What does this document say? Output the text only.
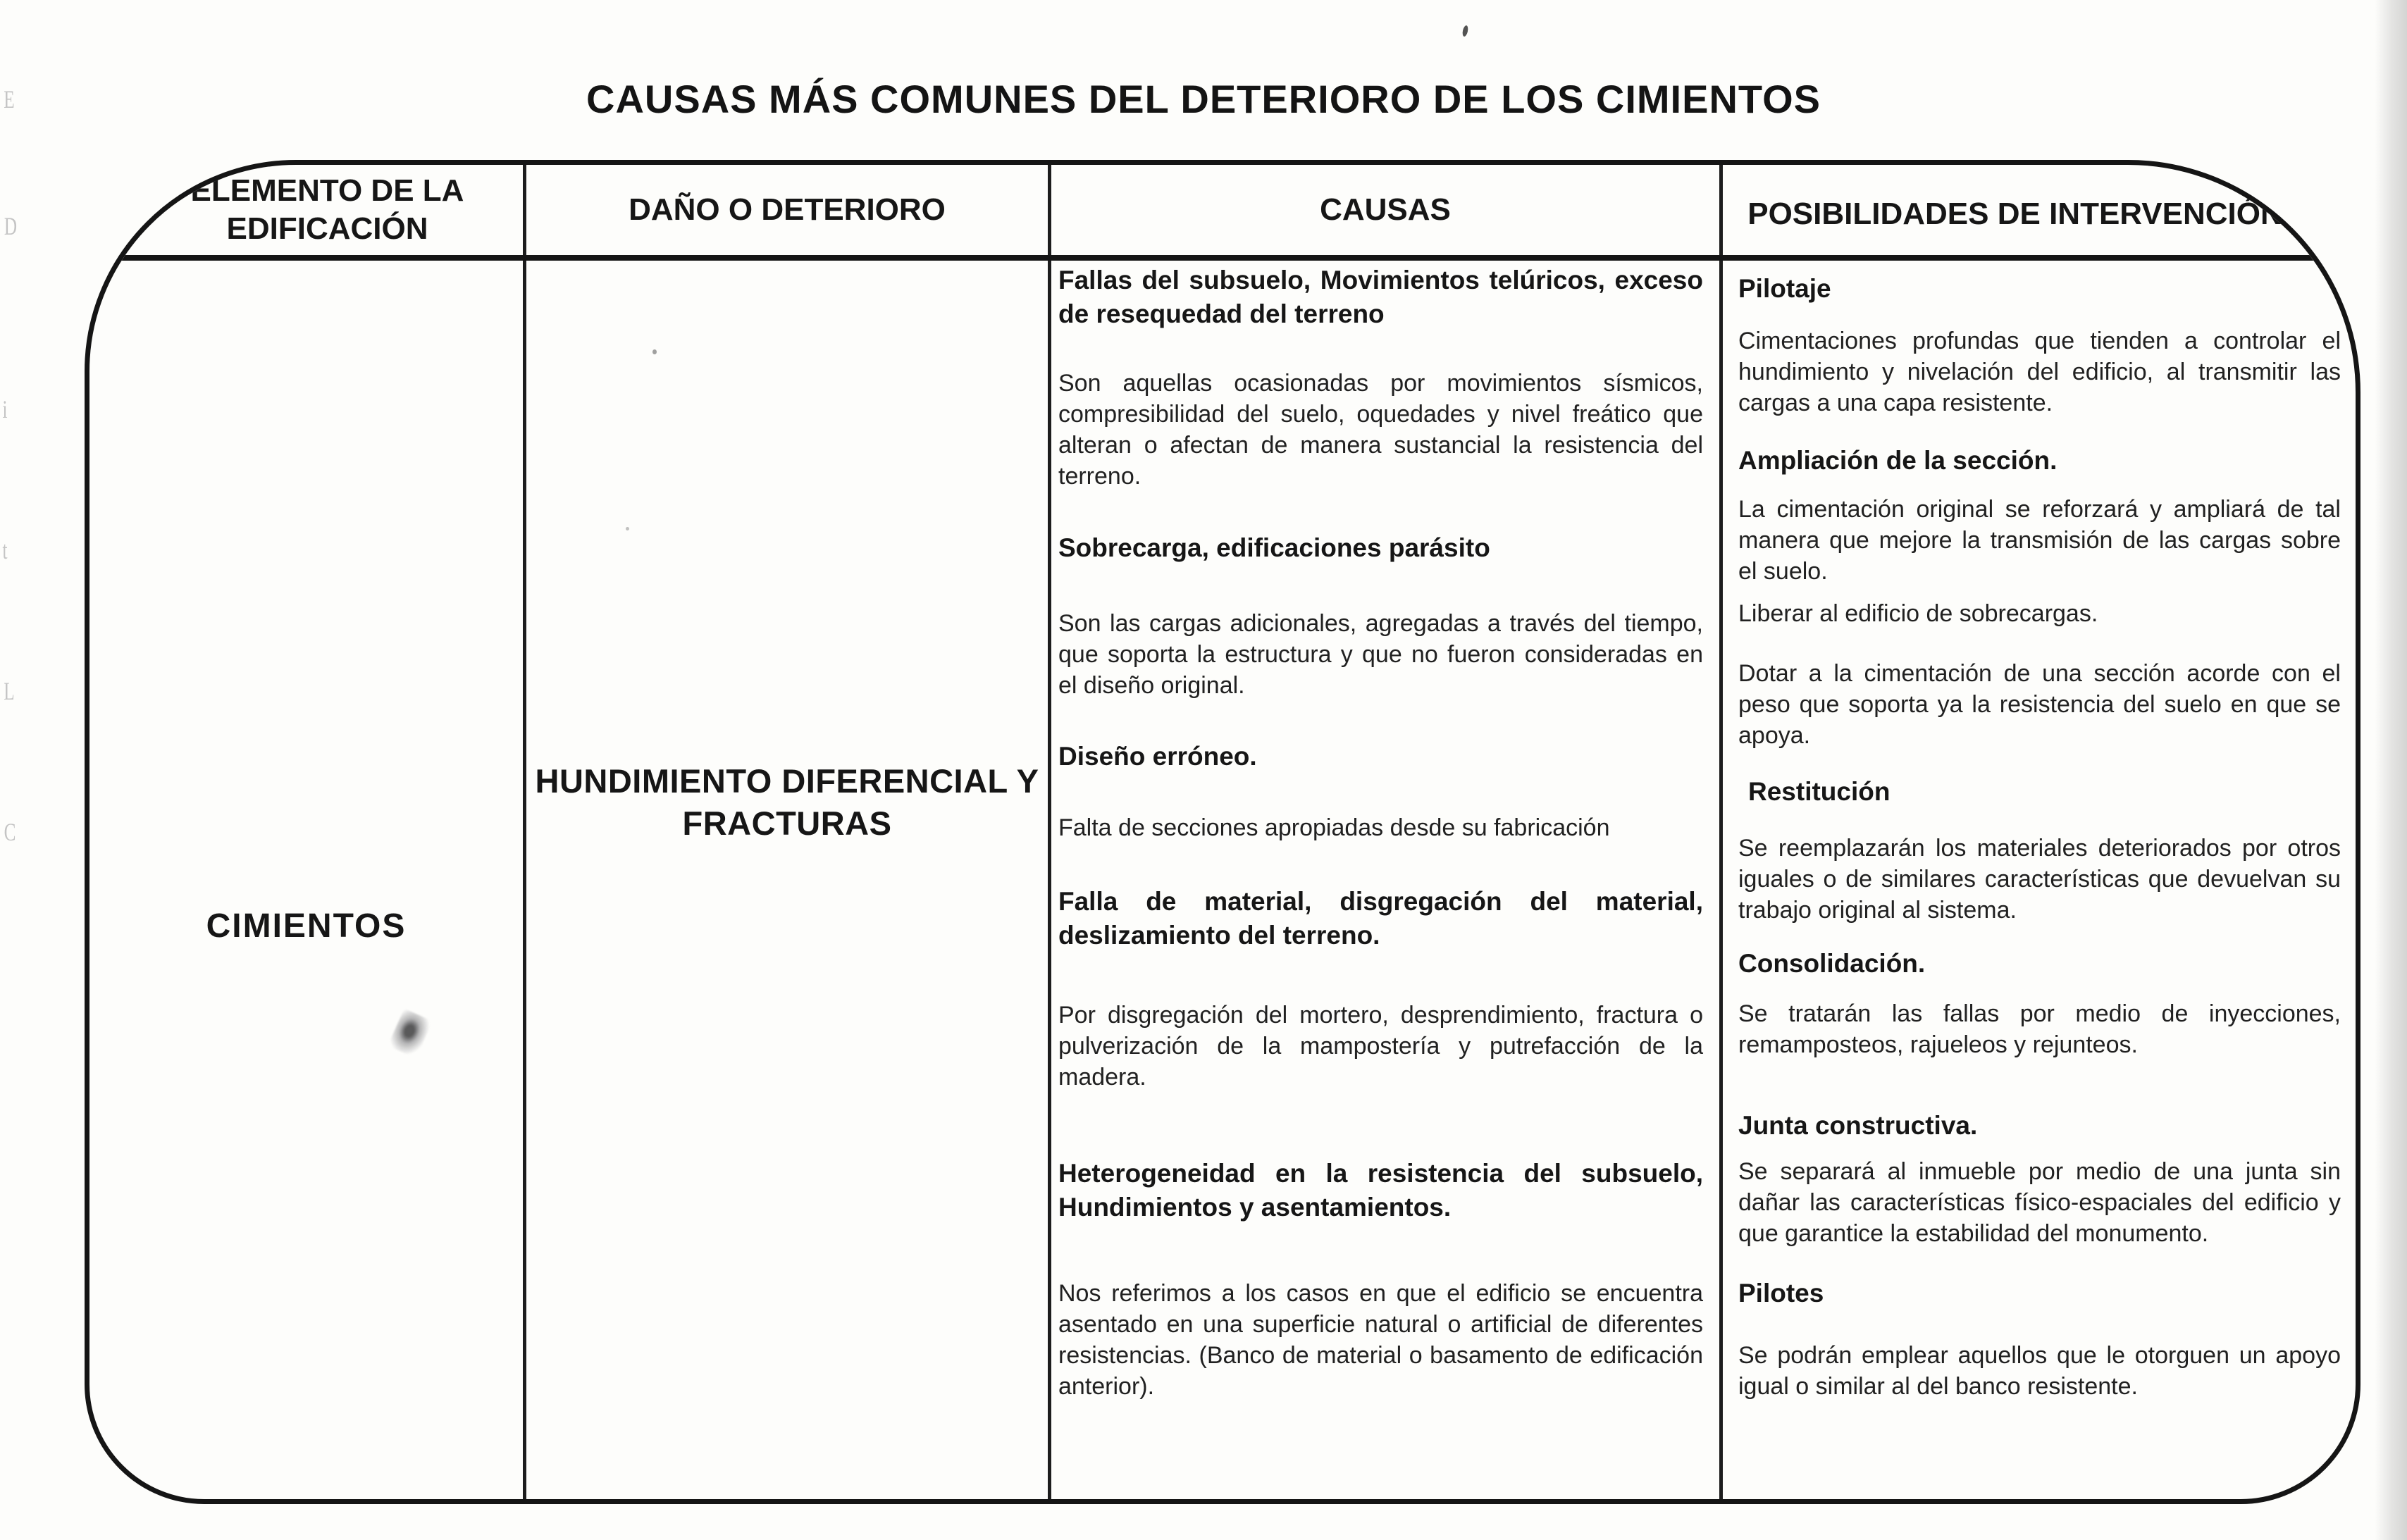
E
D
i
t
L
C
CAUSAS MÁS COMUNES DEL DETERIORO DE LOS CIMIENTOS
ELEMENTO DE LA EDIFICACIÓN
DAÑO O DETERIORO	CAUSAS	POSIBILIDADES DE INTERVENCIÓN
CIMIENTOS
HUNDIMIENTO DIFERENCIAL Y FRACTURAS
Fallas del subsuelo, Movimientos telúricos, exceso de resequedad del terreno
Son aquellas ocasionadas por movimientos sísmicos, compresibilidad del suelo, oquedades y nivel freático que alteran o afectan de manera sustancial la resistencia del terreno.
Sobrecarga, edificaciones parásito
Son las cargas adicionales, agregadas a través del tiempo, que soporta la estructura y que no fueron consideradas en el diseño original.
Diseño erróneo.
Falta de secciones apropiadas desde su fabricación
Falla de material, disgregación del material, deslizamiento del terreno.
Por disgregación del mortero, desprendimiento, fractura o pulverización de la mampostería y putrefacción de la madera.
Heterogeneidad en la resistencia del subsuelo, Hundimientos y asentamientos.
Nos referimos a los casos en que el edificio se encuentra asentado en una superficie natural o artificial de diferentes resistencias. (Banco de material o basamento de edificación anterior).
Pilotaje
Cimentaciones profundas que tienden a controlar el hundimiento y nivelación del edificio, al transmitir las cargas a una capa resistente.
Ampliación de la sección.
La cimentación original se reforzará y ampliará de tal manera que mejore la transmisión de las cargas sobre el suelo.
Liberar al edificio de sobrecargas.
Dotar a la cimentación de una sección acorde con el peso que soporta ya la resistencia del suelo en que se apoya.
Restitución
Se reemplazarán los materiales deteriorados por otros iguales o de similares características que devuelvan su trabajo original al sistema.
Consolidación.
Se tratarán las fallas por medio de inyecciones, remamposteos, rajueleos y rejunteos.
Junta constructiva.
Se separará al inmueble por medio de una junta sin dañar las características físico-espaciales del edificio y que garantice la estabilidad del monumento.
Pilotes
Se podrán emplear aquellos que le otorguen un apoyo igual o similar al del banco resistente.
